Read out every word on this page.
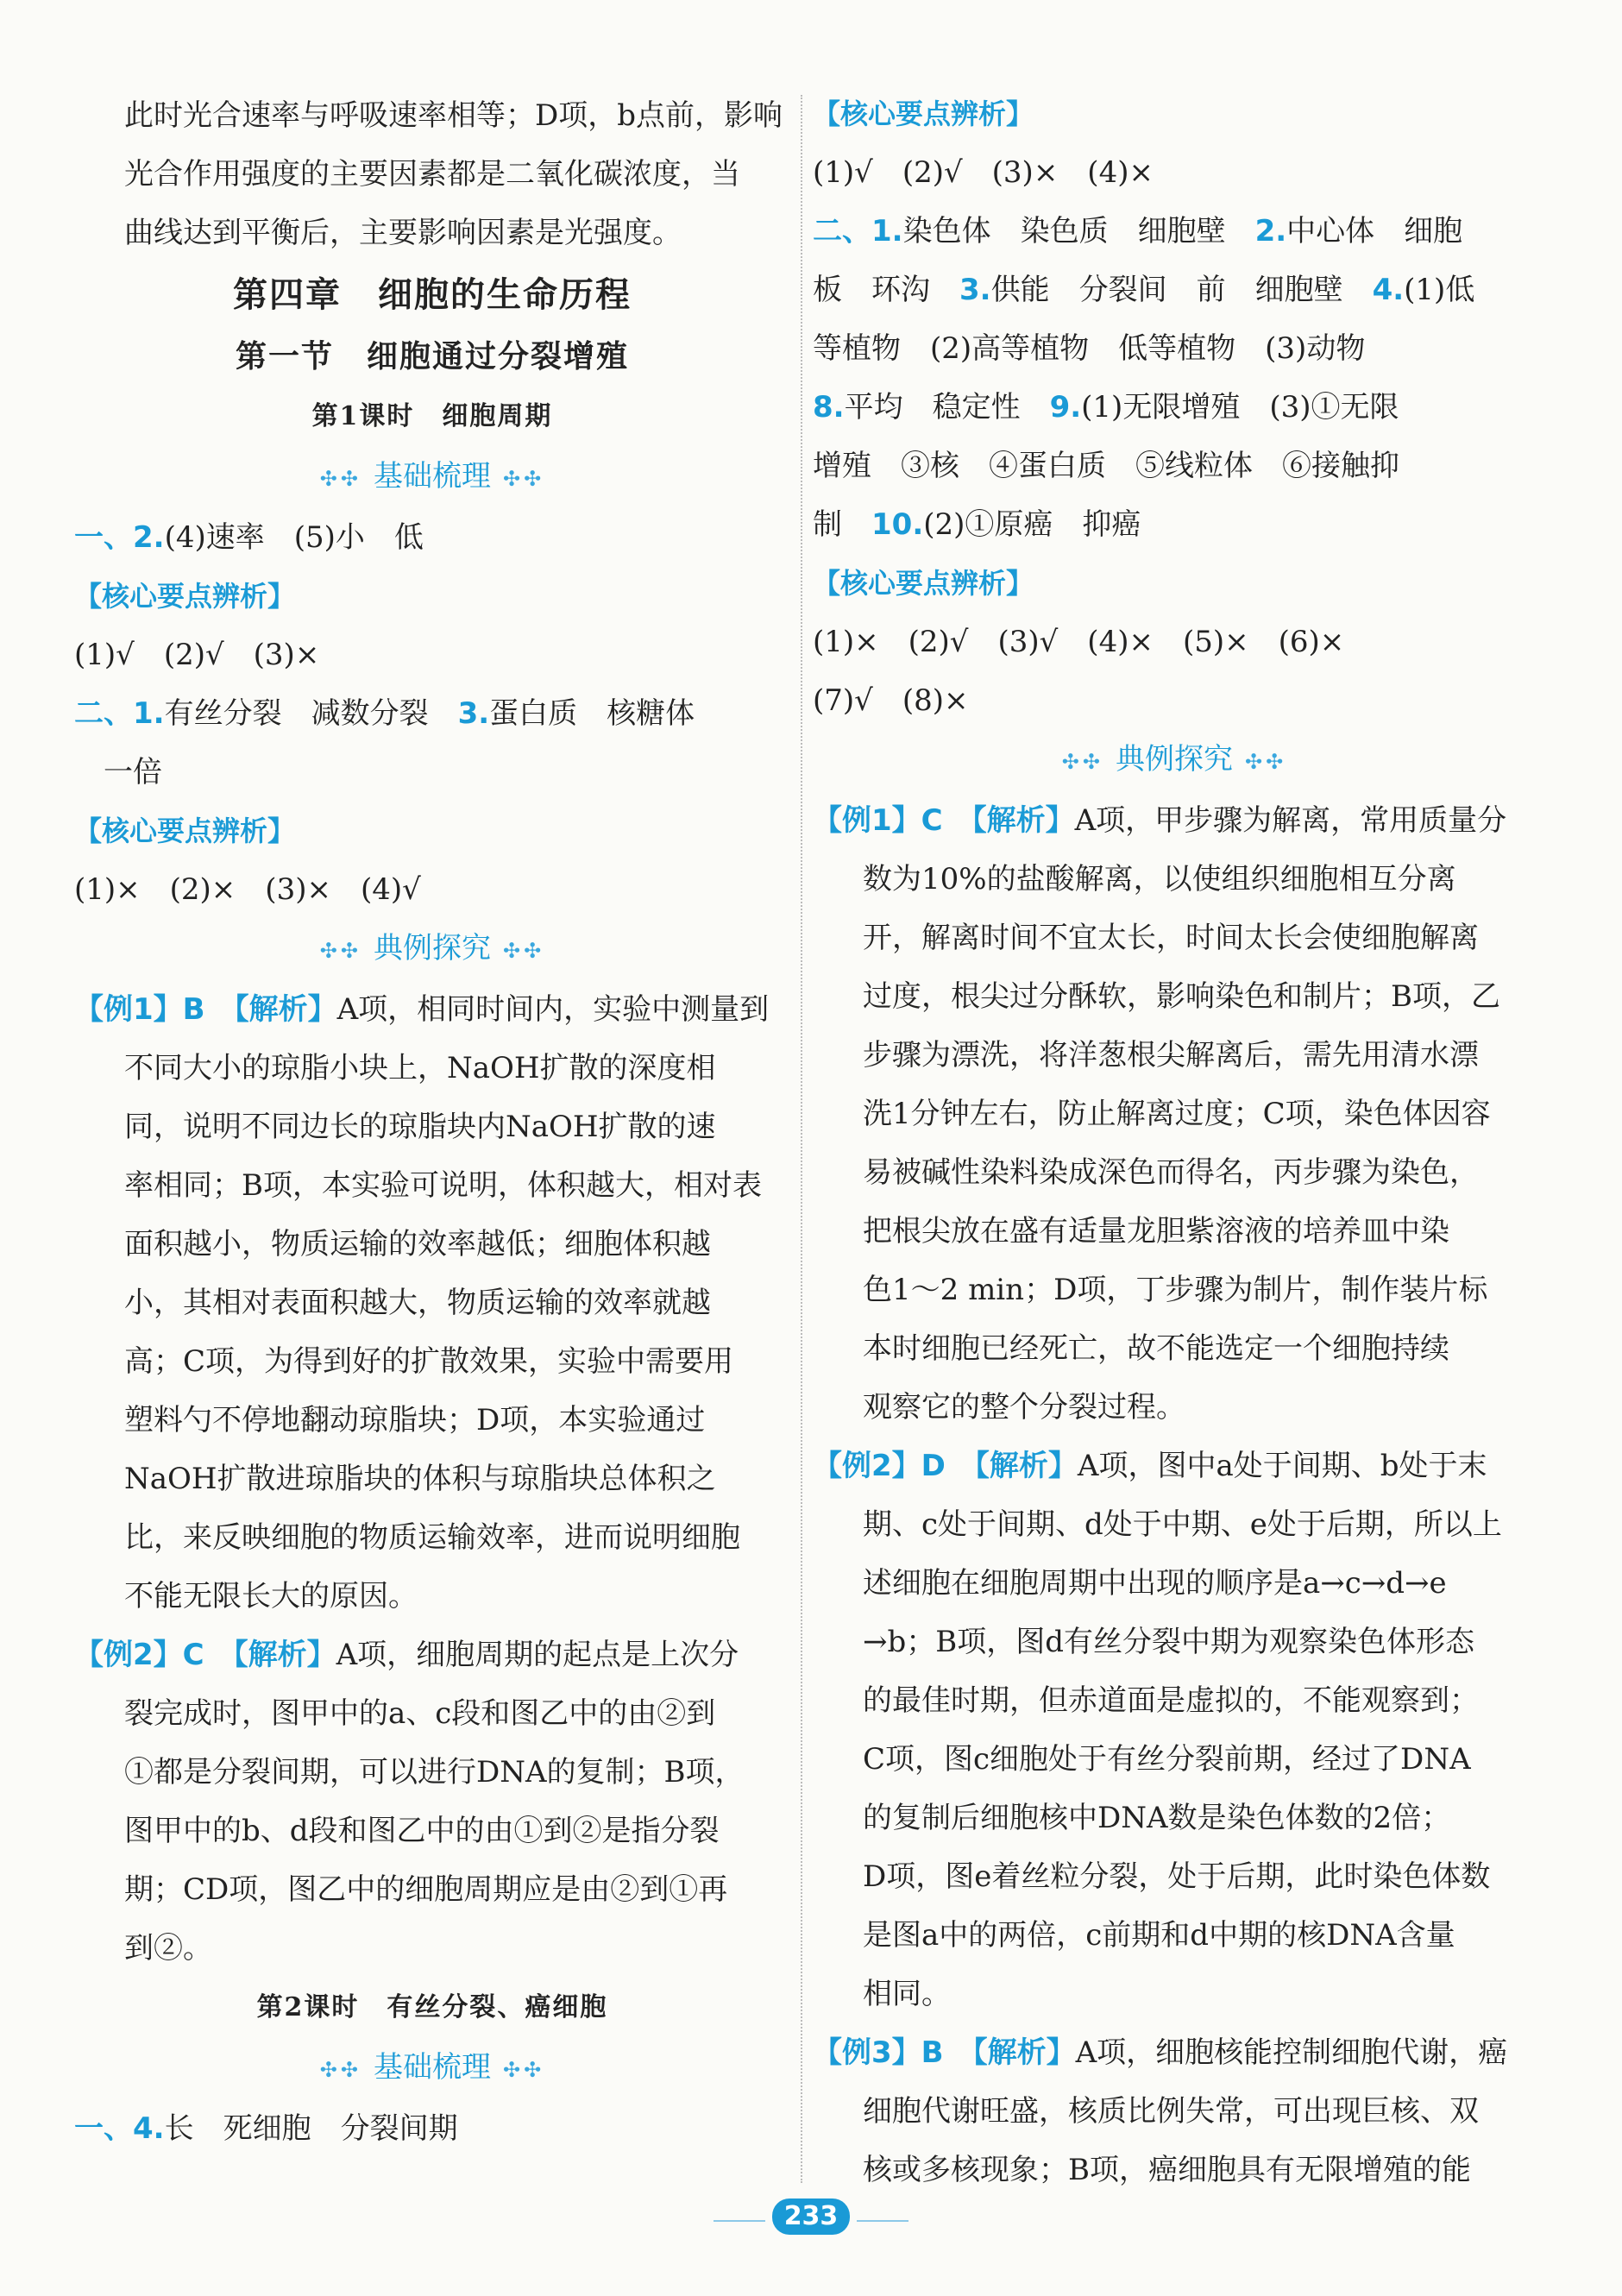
此时光合速率与呼吸速率相等；D项，b点前，影响
光合作用强度的主要因素都是二氧化碳浓度，当
曲线达到平衡后，主要影响因素是光强度。
第四章　细胞的生命历程
第一节　细胞通过分裂增殖
第1课时　细胞周期
✣✣ 基础梳理 ✣✣
一、2.(4)速率　(5)小　低
【核心要点辨析】
(1)√　(2)√　(3)×
二、1.有丝分裂　减数分裂　3.蛋白质　核糖体
一倍
【核心要点辨析】
(1)×　(2)×　(3)×　(4)√
✣✣ 典例探究 ✣✣
【例1】B　 【解析】A项，相同时间内，实验中测量到
不同大小的琼脂小块上，NaOH扩散的深度相
同，说明不同边长的琼脂块内NaOH扩散的速
率相同；B项，本实验可说明，体积越大，相对表
面积越小，物质运输的效率越低；细胞体积越
小，其相对表面积越大，物质运输的效率就越
高；C项，为得到好的扩散效果，实验中需要用
塑料勺不停地翻动琼脂块；D项，本实验通过
NaOH扩散进琼脂块的体积与琼脂块总体积之
比，来反映细胞的物质运输效率，进而说明细胞
不能无限长大的原因。
【例2】C　 【解析】A项，细胞周期的起点是上次分
裂完成时，图甲中的a、c段和图乙中的由②到
①都是分裂间期，可以进行DNA的复制；B项，
图甲中的b、d段和图乙中的由①到②是指分裂
期；CD项，图乙中的细胞周期应是由②到①再
到②。
第2课时　有丝分裂、癌细胞
✣✣ 基础梳理 ✣✣
一、4.长　死细胞　分裂间期
【核心要点辨析】
(1)√　(2)√　(3)×　(4)×
二、1.染色体　染色质　细胞壁　2.中心体　细胞
板　环沟　3.供能　分裂间　前　细胞壁　4.(1)低
等植物　(2)高等植物　低等植物　(3)动物
8.平均　稳定性　9.(1)无限增殖　(3)①无限
增殖　③核　④蛋白质　⑤线粒体　⑥接触抑
制　10.(2)①原癌　抑癌
【核心要点辨析】
(1)×　(2)√　(3)√　(4)×　(5)×　(6)×
(7)√　(8)×
✣✣ 典例探究 ✣✣
【例1】C　 【解析】A项，甲步骤为解离，常用质量分
数为10%的盐酸解离，以使组织细胞相互分离
开，解离时间不宜太长，时间太长会使细胞解离
过度，根尖过分酥软，影响染色和制片；B项，乙
步骤为漂洗，将洋葱根尖解离后，需先用清水漂
洗1分钟左右，防止解离过度；C项，染色体因容
易被碱性染料染成深色而得名，丙步骤为染色，
把根尖放在盛有适量龙胆紫溶液的培养皿中染
色1～2 min；D项，丁步骤为制片，制作装片标
本时细胞已经死亡，故不能选定一个细胞持续
观察它的整个分裂过程。
【例2】D　 【解析】A项，图中a处于间期、b处于末
期、c处于间期、d处于中期、e处于后期，所以上
述细胞在细胞周期中出现的顺序是a→c→d→e
→b；B项，图d有丝分裂中期为观察染色体形态
的最佳时期，但赤道面是虚拟的，不能观察到；
C项，图c细胞处于有丝分裂前期，经过了DNA
的复制后细胞核中DNA数是染色体数的2倍；
D项，图e着丝粒分裂，处于后期，此时染色体数
是图a中的两倍，c前期和d中期的核DNA含量
相同。
【例3】B　 【解析】A项，细胞核能控制细胞代谢，癌
细胞代谢旺盛，核质比例失常，可出现巨核、双
核或多核现象；B项，癌细胞具有无限增殖的能
233
